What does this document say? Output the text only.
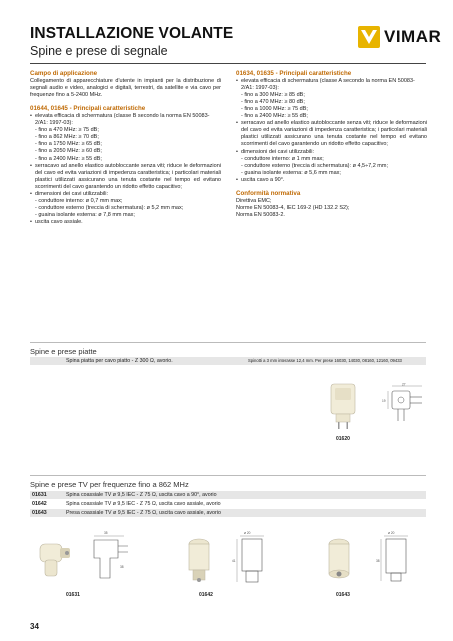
INSTALLAZIONE VOLANTE
Spine e prese di segnale
VIMAR
Campo di applicazione
Collegamento di apparecchiature d'utente in impianti per la distribuzione di segnali audio e video, analogici e digitali, terrestri, da satellite e via cavo per frequenze fino a 5-2400 MHz.
01644, 01645 - Principali caratteristiche
• elevata efficacia di schermatura (classe B secondo la norma EN 50083-2/A1: 1997-03):
- fino a 470 MHz: ≥ 75 dB;
- fino a 862 MHz: ≥ 70 dB;
- fino a 1750 MHz: ≥ 65 dB;
- fino a 2050 MHz: ≥ 60 dB;
- fino a 2400 MHz: ≥ 55 dB;
• serracavo ad anello elastico autobloccante senza viti; riduce le deformazioni del cavo ed evita variazioni di impedenza caratteristica; i particolari materiali plastici utilizzati assicurano una tenuta costante nel tempo ed evitano scorrimenti del cavo garantendo un ridotto effetto capacitivo;
• dimensioni dei cavi utilizzabili:
- conduttore interno: ø 0,7 mm max;
- conduttore esterno (treccia di schermatura): ø 5,2 mm max;
- guaina isolante esterna: ø 7,8 mm max;
• uscita cavo assiale.
01634, 01635 - Principali caratteristiche
• elevata efficacia di schermatura (classe A secondo la norma EN 50083-2/A1: 1997-03):
- fino a 300 MHz: ≥ 85 dB;
- fino a 470 MHz: ≥ 80 dB;
- fino a 1000 MHz: ≥ 75 dB;
- fino a 2400 MHz: ≥ 55 dB;
• serracavo ad anello elastico autobloccante senza viti; riduce le deformazioni del cavo ed evita variazioni di impedenza caratteristica; i particolari materiali plastici utilizzati assicurano una tenuta costante nel tempo ed evitano scorrimenti del cavo garantendo un ridotto effetto capacitivo;
• dimensioni dei cavi utilizzabili:
- conduttore interno: ø 1 mm max;
- conduttore esterno (treccia di schermatura): ø 4,5÷7,2 mm;
- guaina isolante esterna: ø 5,6 mm max;
• uscita cavo a 90°.
Conformità normativa
Direttiva EMC;
Norme EN 50083-4, IEC 169-2 (HD 132.2 S2);
Norma EN 50083-2.
Spine e prese piatte
Spina piatta per cavo piatto - Z 300 Ω, avorio.	Spinotti a 3 mm interasse 12,4 mm. Per prese 16030, 14030, 08160, 12160, 09433
27
19
01620
Spine e prese TV per frequenze fino a 862 MHz
01631	Spina coassiale TV ø 9,5 IEC - Z 75 Ω, uscita cavo a 90°, avorio
01642	Spina coassiale TV ø 9,5 IEC - Z 75 Ω, uscita cavo assiale, avorio
01643	Presa coassiale TV ø 9,5 IEC - Z 75 Ω, uscita cavo assiale, avorio
35
38
01631
ø 20
41
01642
ø 20
38
01643
34
